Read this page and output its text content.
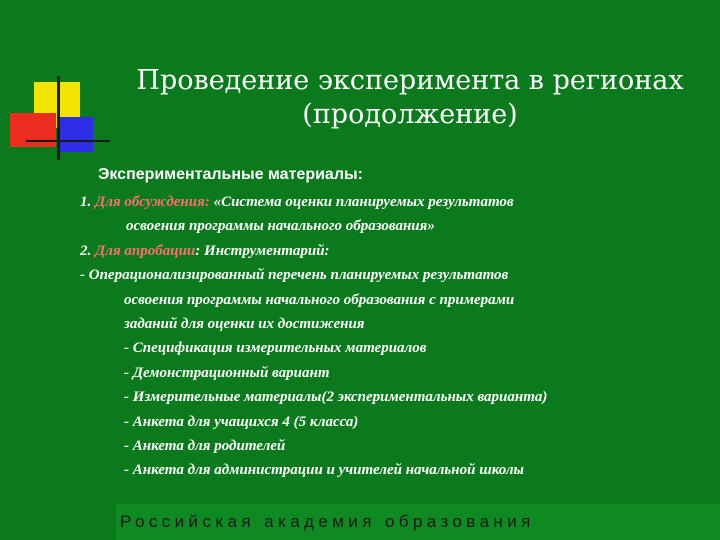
Проведение эксперимента в регионах
(продолжение)
Экспериментальные материалы:
1. Для обсуждения: «Система оценки планируемых результатов
освоения программы начального образования»
2. Для апробации: Инструментарий:
- Операционализированный перечень планируемых результатов
освоения программы начального образования с примерами
заданий для оценки их достижения
- Спецификация измерительных материалов
- Демонстрационный вариант
- Измерительные материалы(2 экспериментальных варианта)
- Анкета для учащихся 4 (5 класса)
- Анкета для родителей
- Анкета для администрации и учителей начальной школы
Российская академия образования
